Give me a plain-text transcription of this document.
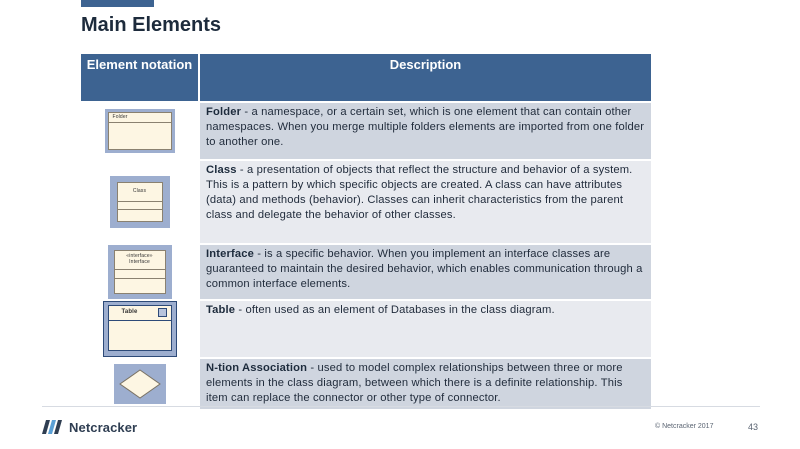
Main Elements
Element notation	Description

Folder	Folder - a namespace, or a certain set, which is one element that can contain other namespaces. When you merge multiple folders elements are imported from one folder to another one.

Class	Class - a presentation of objects that reflect the structure and behavior of a system. This is a pattern by which specific objects are created. A class can have attributes (data) and methods (behavior). Classes can inherit characteristics from the parent class and delegate the behavior of other classes.

«interface» Interface	Interface - is a specific behavior. When you implement an interface classes are guaranteed to maintain the desired behavior, which enables communication through a common interface elements.

Table	Table - often used as an element of Databases in the class diagram.

	N-tion Association - used to model complex relationships between three or more elements in the class diagram, between which there is a definite relationship. This item can replace the connector or other type of connector.
Netcracker	© Netcracker 2017	43
